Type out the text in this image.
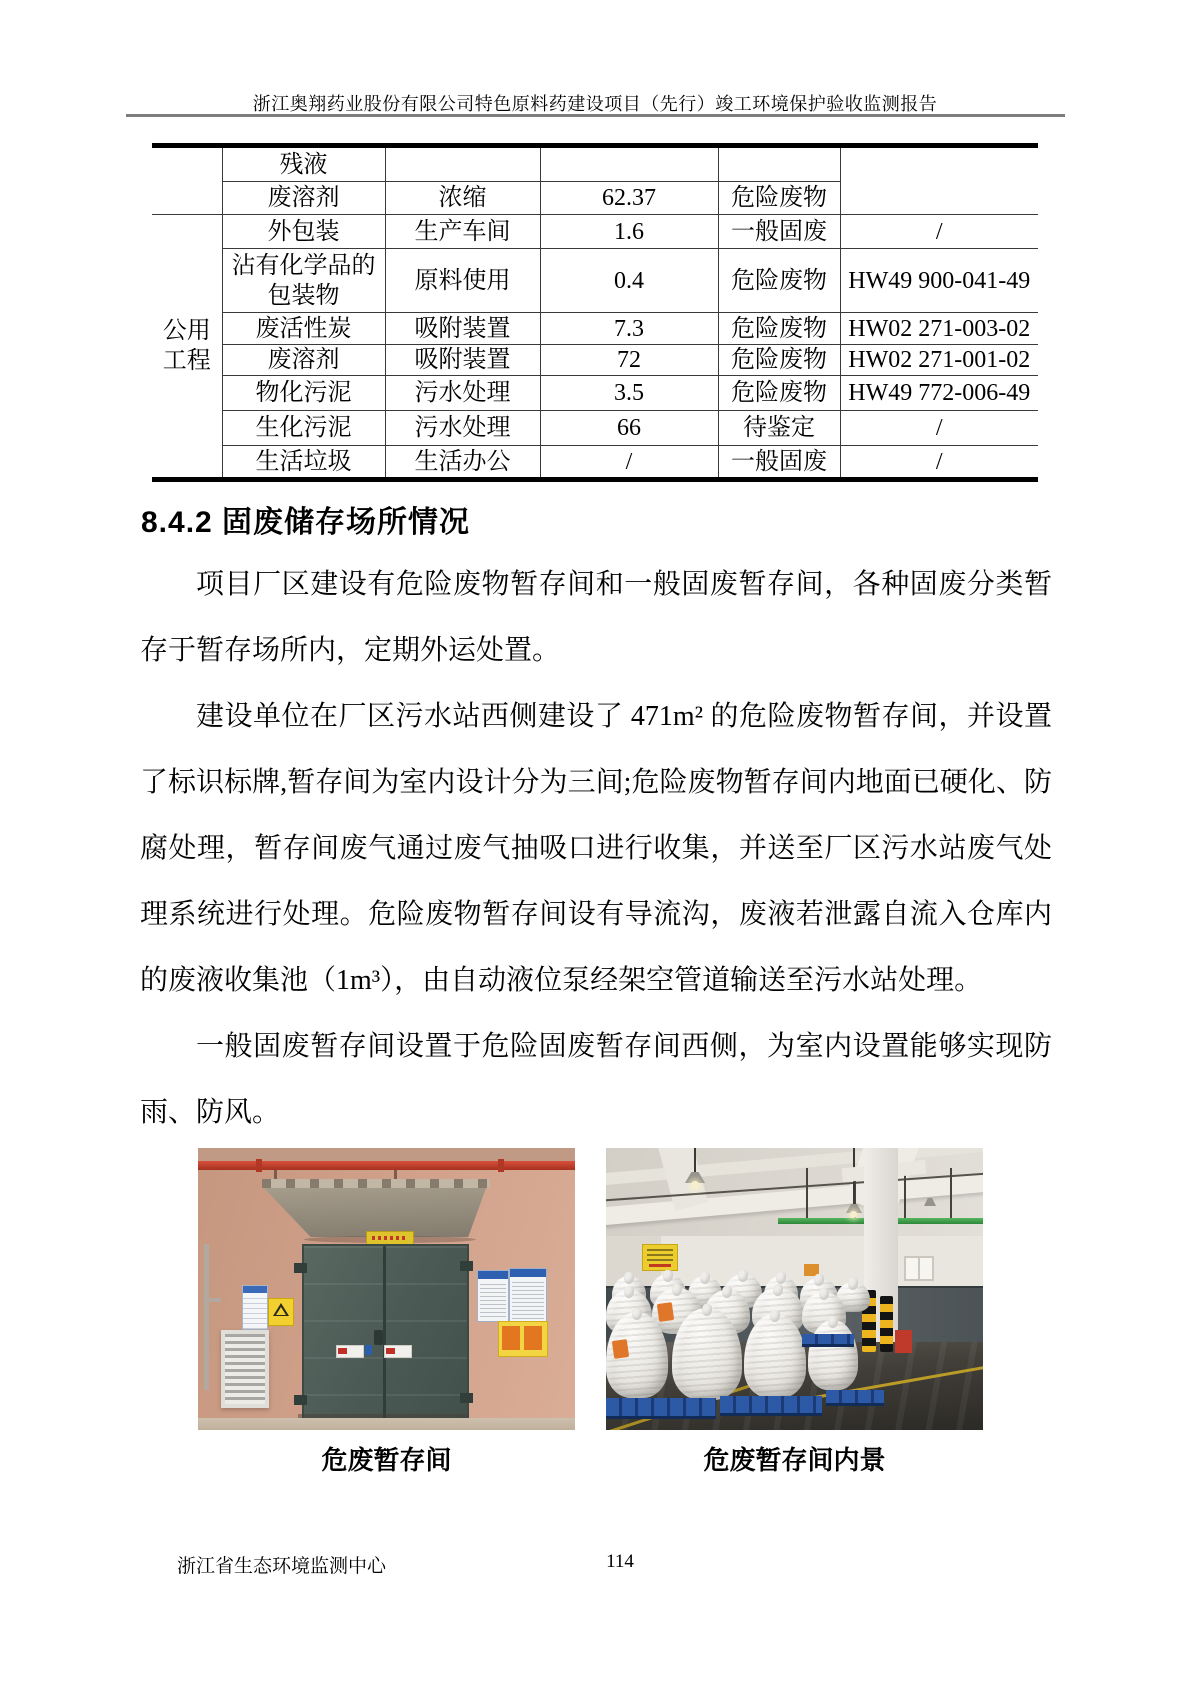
浙江奥翔药业股份有限公司特色原料药建设项目（先行）竣工环境保护验收监测报告
	残液				
	废溶剂	浓缩	62.37	危险废物	
公用工程	外包装	生产车间	1.6	一般固废	/
	沾有化学品的包装物	原料使用	0.4	危险废物	HW49 900-041-49
	废活性炭	吸附装置	7.3	危险废物	HW02 271-003-02
	废溶剂	吸附装置	72	危险废物	HW02 271-001-02
	物化污泥	污水处理	3.5	危险废物	HW49 772-006-49
	生化污泥	污水处理	66	待鉴定	/
	生活垃圾	生活办公	/	一般固废	/
8.4.2 固废储存场所情况

项目厂区建设有危险废物暂存间和一般固废暂存间，各种固废分类暂存于暂存场所内，定期外运处置。

建设单位在厂区污水站西侧建设了 471m² 的危险废物暂存间，并设置了标识标牌,暂存间为室内设计分为三间;危险废物暂存间内地面已硬化、防腐处理，暂存间废气通过废气抽吸口进行收集，并送至厂区污水站废气处理系统进行处理。危险废物暂存间设有导流沟，废液若泄露自流入仓库内的废液收集池（1m³），由自动液位泵经架空管道输送至污水站处理。

一般固废暂存间设置于危险固废暂存间西侧，为室内设置能够实现防雨、防风。

危废暂存间	危废暂存间内景
浙江省生态环境监测中心	114
